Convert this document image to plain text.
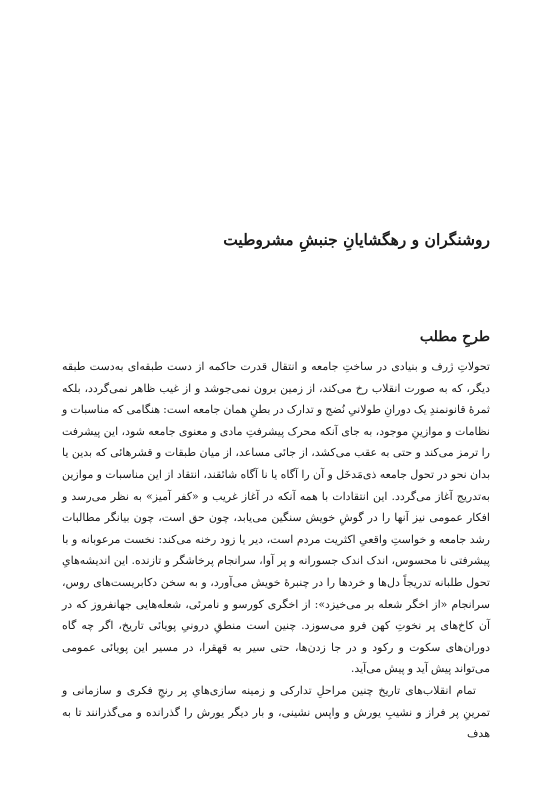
روشنگران و رهگشایانِ جنبشِ مشروطیت
طرحِ مطلب

تحولاتِ ژرف و بنیادی در ساختِ جامعه و انتقال قدرت حاکمه از دست طبقه‌ای به‌دست طبقه دیگر، که به صورت انقلاب رخ می‌کند، از زمین برون نمی‌جوشد و از غیب ظاهر نمی‌گردد، بلکه ثمرهٔ قانونمندِ یک دورانِ طولانیِ نُضج و تدارک در بطنِ همان جامعه است: هنگامی که مناسبات و نظامات و موازینِ موجود، به جای آنکه محرک پیشرفتِ مادی و معنوی جامعه شود، این پیشرفت را ترمز می‌کند و حتی به عقب می‌کشد، از جائی مساعد، از میان طبقات و قشرهائی که بدین یا بدان نحو در تحول جامعه ذی‌مَدخَل و آن را آگاه یا نا آگاه شائقند، انتقاد از این مناسبات و موازین به‌تدریج آغاز می‌گردد. این انتقادات با همه آنکه در آغاز غریب و «کفر آمیز» به نظر می‌رسد و افکار عمومی نیز آنها را در گوشِ خویش سنگین می‌یابد، چون حق است، چون بیانگر مطالبات رشد جامعه و خواستِ واقعیِ اکثریت مردم است، دیر یا زود رخنه می‌کند: نخست مرعوبانه و با پیشرفتی نا محسوس، اندک اندک جسورانه و پر آوا، سرانجام پرخاشگر و تازنده. این اندیشه‌هایِ تحول طلبانه تدریجاً دل‌ها و خردها را در چنبرهٔ خویش می‌آورد، و به سخن دکابریست‌های روس، سرانجام «از اخگر شعله بر می‌خیزد»: از اخگری کورسو و نامرئی، شعله‌هایی جهانفروز که در آن کاخ‌های پر نخوتِ کهن فرو می‌سوزد. چنین است منطقِ درونیِ پویائی تاریخ، اگر چه گاه دوران‌های سکوت و رکود و در جا زدن‌ها، حتی سیر به قهقرا، در مسیر این پویائی عمومی می‌تواند پیش آید و پیش می‌آید.

تمام انقلاب‌های تاریخ چنین مراحلِ تدارکی و زمینه سازی‌هایِ پر رنجِ فکری و سازمانی و تمرینِ پر فراز و نشیبِ یورش و واپس نشینی، و بار دیگر یورش را گذرانده و می‌گذرانند تا به هدف
